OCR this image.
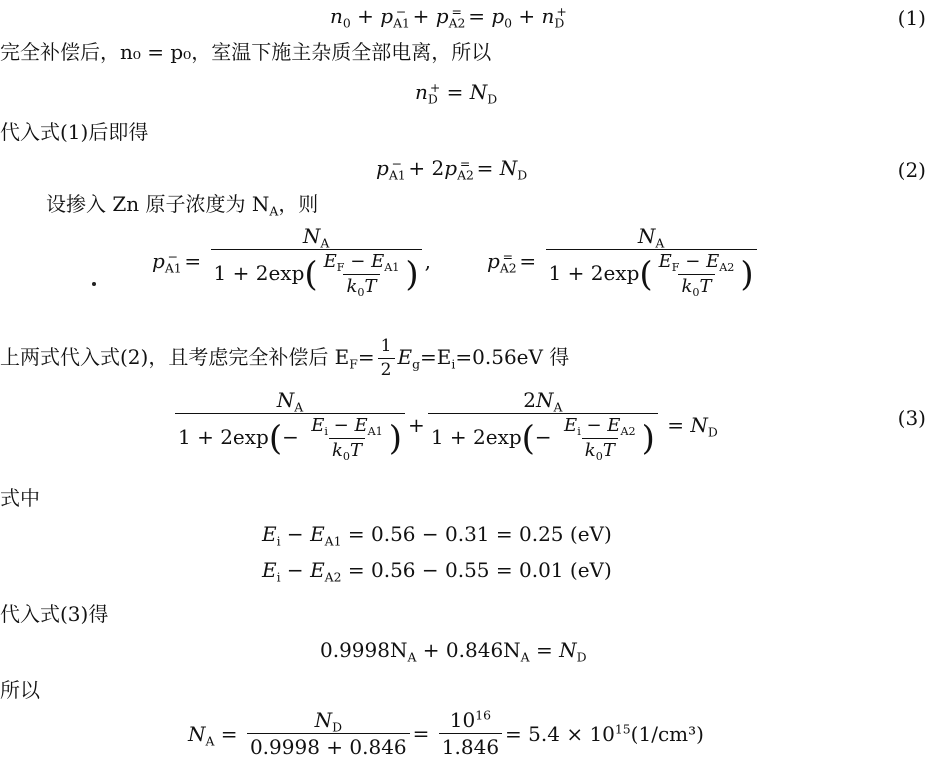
$n_0 + p_{A1}^- + p_{A2}^= = p_0 + n_D^+$	(1)
完全补偿后，n₀ = p₀，室温下施主杂质全部电离，所以
$n_D^+ = N_D$
代入式(1)后即得
$p_{A1}^- + 2p_{A2}^= = N_D$	(2)
设掺入 Zn 原子浓度为 $N_A$，则
$p_{A1}^- = \frac{N_A}{1 + 2\exp( \frac{E_F - E_{A1}}{k_0T} )}$ ,	$p_{A2}^= = \frac{N_A}{1 + 2\exp( \frac{E_F - E_{A2}}{k_0T} )}$
上两式代入式(2)，且考虑完全补偿后 $E_F= \frac{1}{2} E_g=E_i=0.56eV$ 得
$\frac{N_A}{1 + 2\exp(- \frac{E_i - E_{A1}}{k_0T} )} + \frac{2N_A}{1 + 2\exp(- \frac{E_i - E_{A2}}{k_0T} )} = N_D$
(3)
式中
$E_i - E_{A1} = 0.56 - 0.31 = 0.25$ (eV)
$E_i - E_{A2} = 0.56 - 0.55 = 0.01$ (eV)
代入式(3)得
$0.9998N_A + 0.846N_A = N_D$
所以
$N_A = \frac{N_D}{0.9998 + 0.846} = \frac{10^{16}}{1.846} = 5.4 \times 10^{15}(1/cm^3)$
